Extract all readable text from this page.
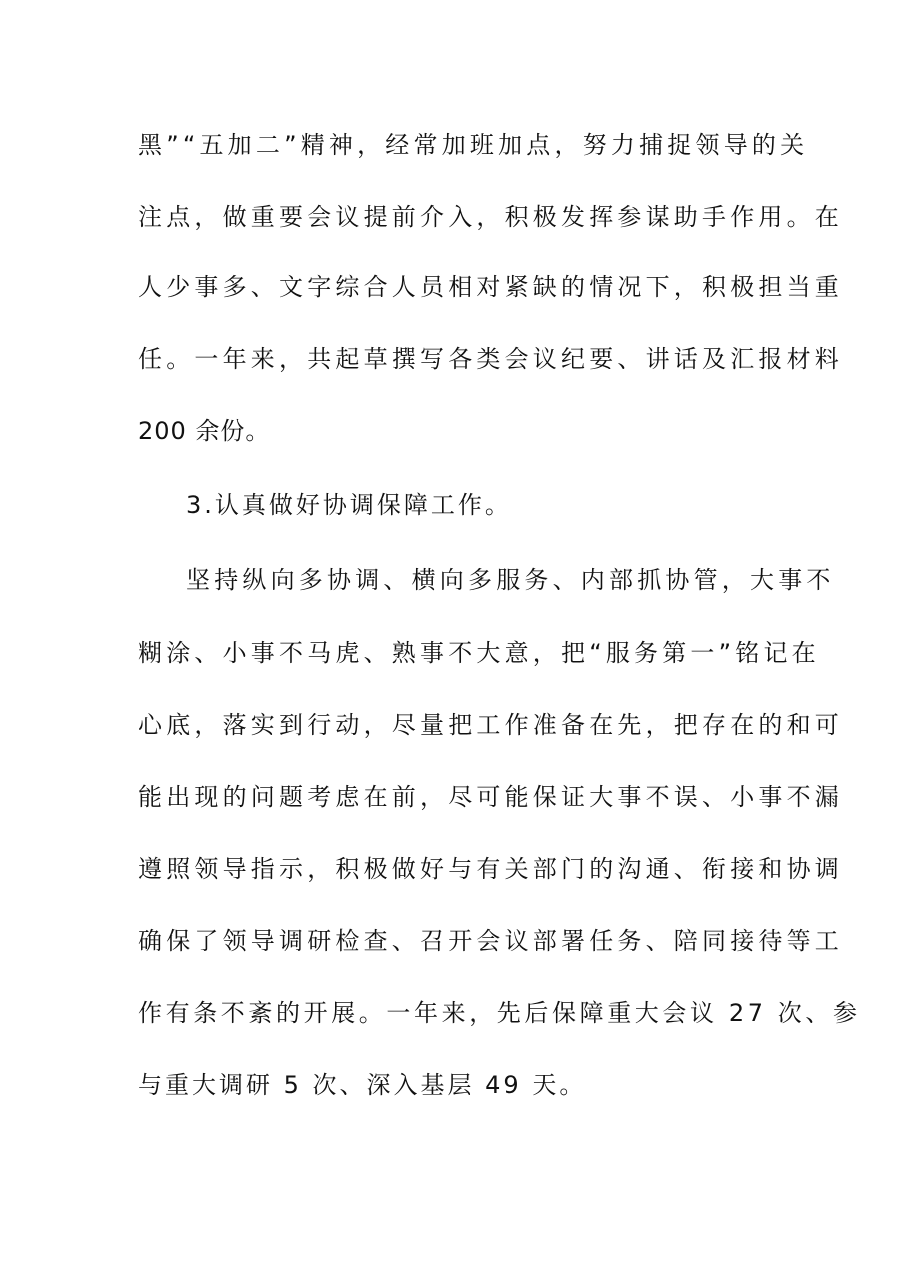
黑”“五加二”精神，经常加班加点，努力捕捉领导的关
注点，做重要会议提前介入，积极发挥参谋助手作用。在
人少事多、文字综合人员相对紧缺的情况下，积极担当重
任。一年来，共起草撰写各类会议纪要、讲话及汇报材料
200 余份。
3.认真做好协调保障工作。
坚持纵向多协调、横向多服务、内部抓协管，大事不
糊涂、小事不马虎、熟事不大意，把“服务第一”铭记在
心底，落实到行动，尽量把工作准备在先，把存在的和可
能出现的问题考虑在前，尽可能保证大事不误、小事不漏
遵照领导指示，积极做好与有关部门的沟通、衔接和协调
确保了领导调研检查、召开会议部署任务、陪同接待等工
作有条不紊的开展。一年来，先后保障重大会议 27 次、参
与重大调研 5 次、深入基层 49 天。
